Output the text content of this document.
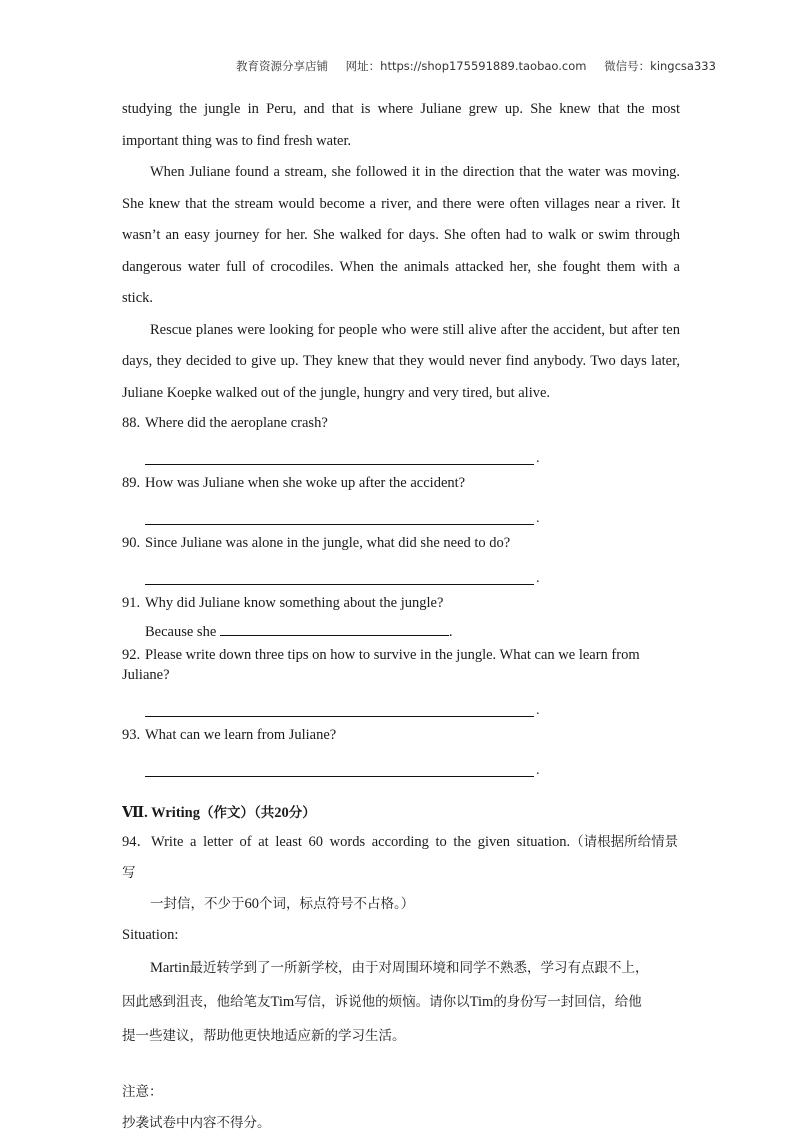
教育资源分享店铺 网址：https://shop175591889.taobao.com 微信号：kingcsa333

studying the jungle in Peru, and that is where Juliane grew up. She knew that the most important thing was to find fresh water.

When Juliane found a stream, she followed it in the direction that the water was moving. She knew that the stream would become a river, and there were often villages near a river. It wasn’t an easy journey for her. She walked for days. She often had to walk or swim through dangerous water full of crocodiles. When the animals attacked her, she fought them with a stick.

Rescue planes were looking for people who were still alive after the accident, but after ten days, they decided to give up. They knew that they would never find anybody. Two days later, Juliane Koepke walked out of the jungle, hungry and very tired, but alive.

88. Where did the aeroplane crash?

.

89. How was Juliane when she woke up after the accident?

.

90. Since Juliane was alone in the jungle, what did she need to do?

.

91. Why did Juliane know something about the jungle?

Because she	.

92. Please write down three tips on how to survive in the jungle. What can we learn from Juliane?

.

93. What can we learn from Juliane?

.

Ⅶ. Writing（作文）（共20分）

94．Write a letter of at least 60 words according to the given situation.（请根据所给情景写

一封信，不少于60个词，标点符号不占格。）

Situation:

Martin最近转学到了一所新学校，由于对周围环境和同学不熟悉，学习有点跟不上，

因此感到沮丧，他给笔友Tim写信，诉说他的烦恼。请你以Tim的身份写一封回信，给他

提一些建议，帮助他更快地适应新的学习生活。

注意：

抄袭试卷中内容不得分。
